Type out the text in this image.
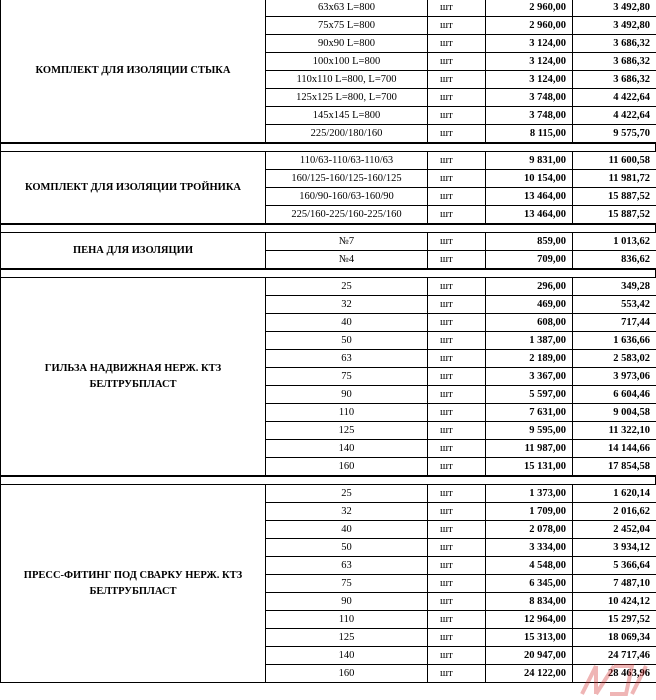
КОМПЛЕКТ ДЛЯ ИЗОЛЯЦИИ СТЫКА	63x63 L=800	шт	2 960,00	3 492,80
	75x75 L=800	шт	2 960,00	3 492,80
	90x90 L=800	шт	3 124,00	3 686,32
	100x100 L=800	шт	3 124,00	3 686,32
	110x110 L=800, L=700	шт	3 124,00	3 686,32
	125x125 L=800, L=700	шт	3 748,00	4 422,64
	145x145 L=800	шт	3 748,00	4 422,64
	225/200/180/160	шт	8 115,00	9 575,70
КОМПЛЕКТ ДЛЯ ИЗОЛЯЦИИ ТРОЙНИКА	110/63-110/63-110/63	шт	9 831,00	11 600,58
	160/125-160/125-160/125	шт	10 154,00	11 981,72
	160/90-160/63-160/90	шт	13 464,00	15 887,52
	225/160-225/160-225/160	шт	13 464,00	15 887,52
ПЕНА ДЛЯ ИЗОЛЯЦИИ	№7	шт	859,00	1 013,62
	№4	шт	709,00	836,62
ГИЛЬЗА НАДВИЖНАЯ НЕРЖ. КТЗ БЕЛТРУБПЛАСТ	25	шт	296,00	349,28
	32	шт	469,00	553,42
	40	шт	608,00	717,44
	50	шт	1 387,00	1 636,66
	63	шт	2 189,00	2 583,02
	75	шт	3 367,00	3 973,06
	90	шт	5 597,00	6 604,46
	110	шт	7 631,00	9 004,58
	125	шт	9 595,00	11 322,10
	140	шт	11 987,00	14 144,66
	160	шт	15 131,00	17 854,58
ПРЕСС-ФИТИНГ ПОД СВАРКУ НЕРЖ. КТЗ БЕЛТРУБПЛАСТ	25	шт	1 373,00	1 620,14
	32	шт	1 709,00	2 016,62
	40	шт	2 078,00	2 452,04
	50	шт	3 334,00	3 934,12
	63	шт	4 548,00	5 366,64
	75	шт	6 345,00	7 487,10
	90	шт	8 834,00	10 424,12
	110	шт	12 964,00	15 297,52
	125	шт	15 313,00	18 069,34
	140	шт	20 947,00	24 717,46
	160	шт	24 122,00	28 463,96
